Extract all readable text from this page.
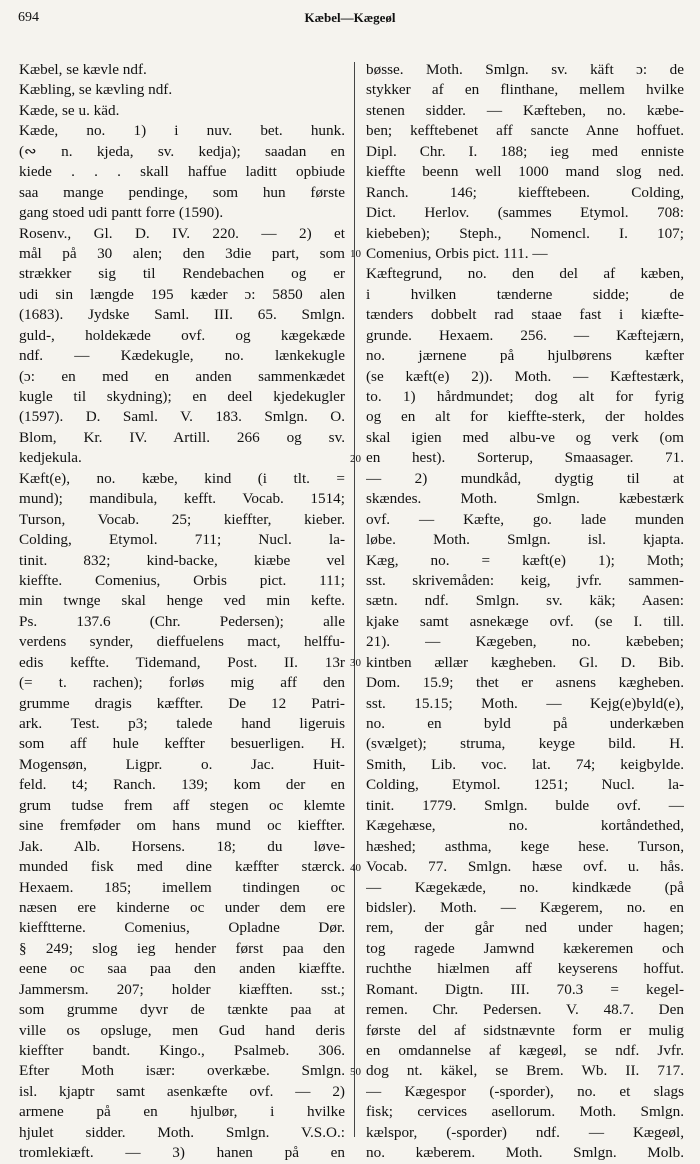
694	Kæbel—Kægeøl
Kæbel, se kævle ndf.
Kæbling, se kævling ndf.
Kæde, se u. käd.
Kæde, no. 1) i nuv. bet. hunk.
(∾ n. kjeda, sv. kedja); saadan en
kiede . . . skall haffue laditt opbiude
saa mange pendinge, som hun første
gang stoed udi pantt forre (1590).
Rosenv., Gl. D. IV. 220. — 2) et
mål på 30 alen; den 3die part, som
strækker sig til Rendebachen og er
udi sin længde 195 kæder ɔ: 5850 alen
(1683). Jydske Saml. III. 65. Smlgn.
guld-, holdekæde ovf. og kægekæde
ndf. — Kædekugle, no. lænkekugle
(ɔ: en med en anden sammenkædet
kugle til skydning); en deel kjedekugler
(1597). D. Saml. V. 183. Smlgn. O.
Blom, Kr. IV. Artill. 266 og sv.
kedjekula.
Kæft(e), no. kæbe, kind (i tlt. =
mund); mandibula, kefft. Vocab. 1514;
Turson, Vocab. 25; kieffter, kieber.
Colding, Etymol. 711; Nucl. la-
tinit. 832; kind-backe, kiæbe vel
kieffte. Comenius, Orbis pict. 111;
min twnge skal henge ved min kefte.
Ps. 137.6 (Chr. Pedersen); alle
verdens synder, dieffuelens mact, helffu-
edis keffte. Tidemand, Post. II. 13r
(= t. rachen); forløs mig aff den
grumme dragis kæffter. De 12 Patri-
ark. Test. p3; talede hand ligeruis
som aff hule keffter besuerligen. H.
Mogensøn, Ligpr. o. Jac. Huit-
feld. t4; Ranch. 139; kom der en
grum tudse frem aff stegen oc klemte
sine fremføder om hans mund oc kieffter.
Jak. Alb. Horsens. 18; du løve-
munded fisk med dine kæffter stærck.
Hexaem. 185; imellem tindingen oc
næsen ere kinderne oc under dem ere
kiefftterne. Comenius, Opladne Dør.
§ 249; slog ieg hender først paa den
eene oc saa paa den anden kiæffte.
Jammersm. 207; holder kiæfften. sst.;
som grumme dyvr de tænkte paa at
ville os opsluge, men Gud hand deris
kieffter bandt. Kingo., Psalmeb. 306.
Efter Moth især: overkæbe. Smlgn.
isl. kjaptr samt asenkæfte ovf. — 2)
armene på en hjulbør, i hvilke
hjulet sidder. Moth. Smlgn. V.S.O.:
tromlekiæft. — 3) hanen på en
bøsse. Moth. Smlgn. sv. käft ɔ: de
stykker af en flinthane, mellem hvilke
stenen sidder. — Kæfteben, no. kæbe-
ben; kefftebenet aff sancte Anne hoffuet.
Dipl. Chr. I. 188; ieg med enniste
kieffte beenn well 1000 mand slog ned.
Ranch. 146; kiefftebeen. Colding,
Dict. Herlov. (sammes Etymol. 708:
kiebeben); Steph., Nomencl. I. 107;
Comenius, Orbis pict. 111. —
Kæftegrund, no. den del af kæben,
i hvilken tænderne sidde; de
tænders dobbelt rad staae fast i kiæfte-
grunde. Hexaem. 256. — Kæftejærn,
no. jærnene på hjulbørens kæfter
(se kæft(e) 2)). Moth. — Kæftestærk,
to. 1) hårdmundet; dog alt for fyrig
og en alt for kieffte-sterk, der holdes
skal igien med albu-ve og verk (om
en hest). Sorterup, Smaasager. 71.
— 2) mundkåd, dygtig til at
skændes. Moth. Smlgn. kæbestærk
ovf. — Kæfte, go. lade munden
løbe. Moth. Smlgn. isl. kjapta.
Kæg, no. = kæft(e) 1); Moth;
sst. skrivemåden: keig, jvfr. sammen-
sætn. ndf. Smlgn. sv. käk; Aasen:
kjake samt asnekæge ovf. (se I. till.
21). — Kægeben, no. kæbeben;
kintben ællær kægheben. Gl. D. Bib.
Dom. 15.9; thet er asnens kægheben.
sst. 15.15; Moth. — Kejg(e)byld(e),
no. en byld på underkæben
(svælget); struma, keyge bild. H.
Smith, Lib. voc. lat. 74; keigbylde.
Colding, Etymol. 1251; Nucl. la-
tinit. 1779. Smlgn. bulde ovf. —
Kægehæse, no. kortåndethed,
hæshed; asthma, kege hese. Turson,
Vocab. 77. Smlgn. hæse ovf. u. hås.
— Kægekæde, no. kindkæde (på
bidsler). Moth. — Kægerem, no. en
rem, der går ned under hagen;
tog ragede Jamwnd kækeremen och
ruchthe hiælmen aff keyserens hoffut.
Romant. Digtn. III. 70.3 = kegel-
remen. Chr. Pedersen. V. 48.7. Den
første del af sidstnævnte form er mulig
en omdannelse af kægeøl, se ndf. Jvfr.
dog nt. käkel, se Brem. Wb. II. 717.
— Kægespor (-sporder), no. et slags
fisk; cervices asellorum. Moth. Smlgn.
kælspor, (-sporder) ndf. — Kægeøl,
no. kæberem. Moth. Smlgn. Molb.
10
20
30
40
50
